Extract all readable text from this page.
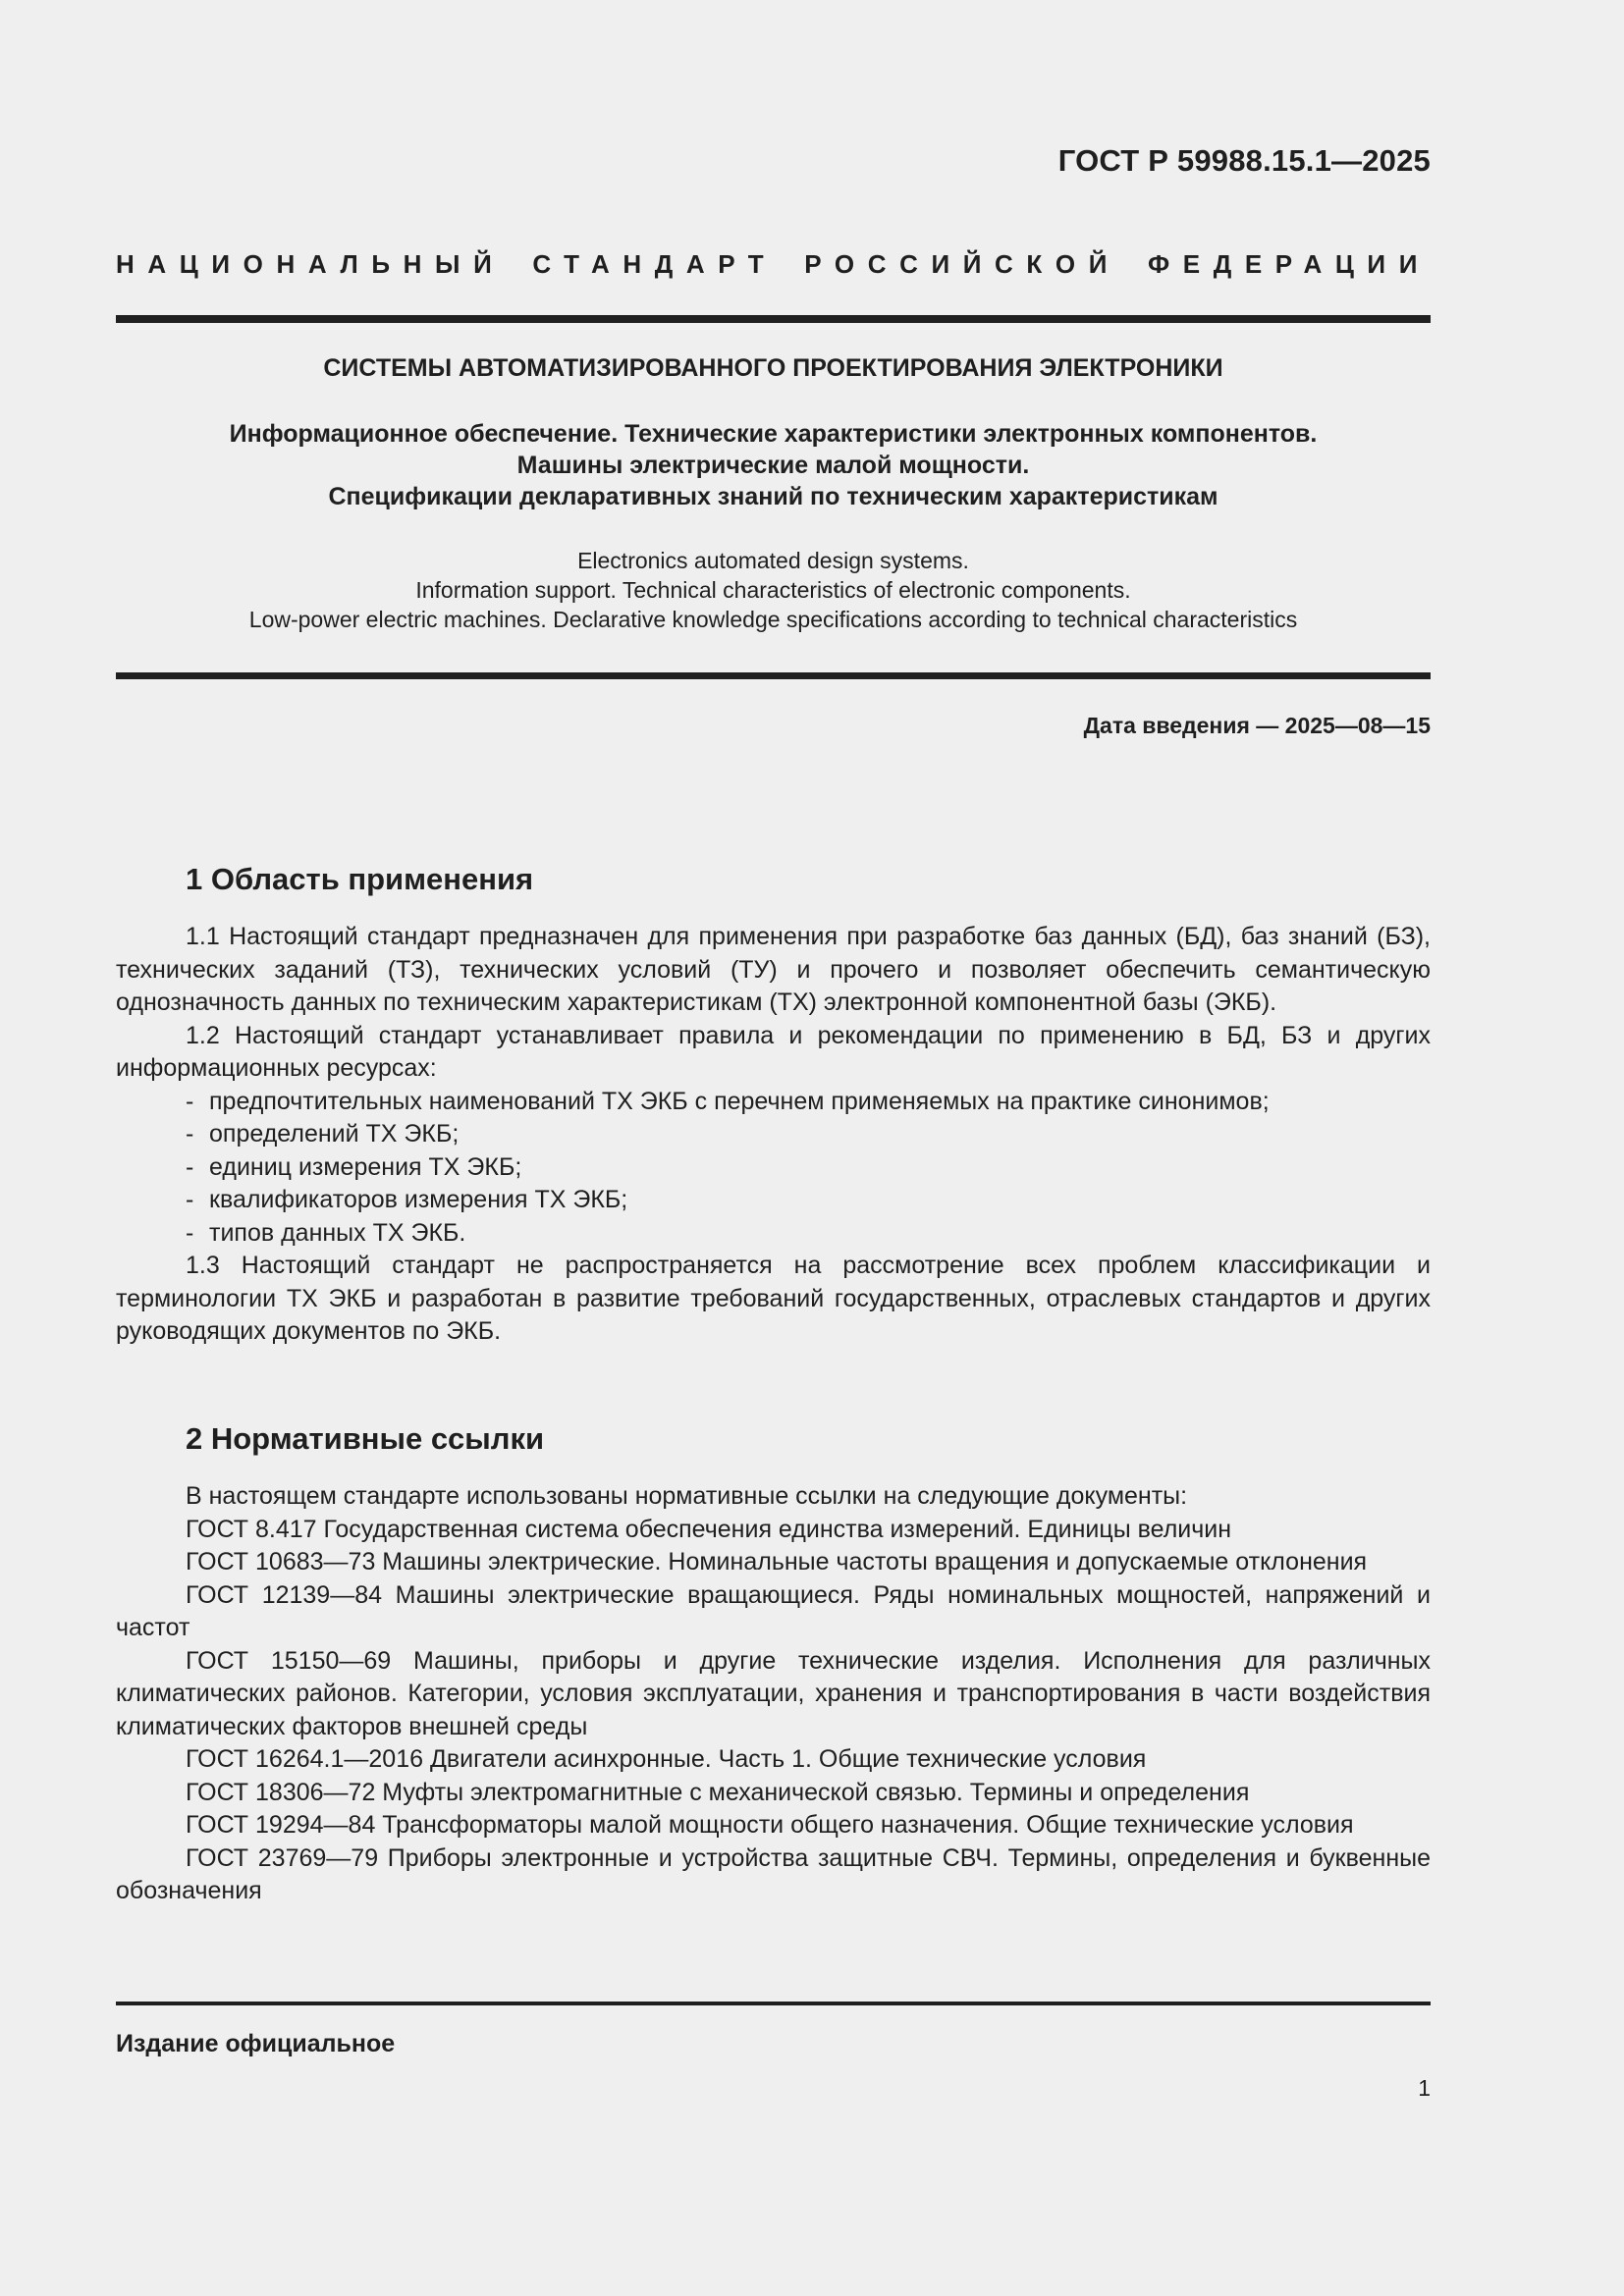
ГОСТ Р 59988.15.1—2025
НАЦИОНАЛЬНЫЙ СТАНДАРТ РОССИЙСКОЙ ФЕДЕРАЦИИ
СИСТЕМЫ АВТОМАТИЗИРОВАННОГО ПРОЕКТИРОВАНИЯ ЭЛЕКТРОНИКИ
Информационное обеспечение. Технические характеристики электронных компонентов.
Машины электрические малой мощности.
Спецификации декларативных знаний по техническим характеристикам
Electronics automated design systems.
Information support. Technical characteristics of electronic components.
Low-power electric machines. Declarative knowledge specifications according to technical characteristics
Дата введения — 2025—08—15
1 Область применения

1.1 Настоящий стандарт предназначен для применения при разработке баз данных (БД), баз знаний (БЗ), технических заданий (ТЗ), технических условий (ТУ) и прочего и позволяет обеспечить семантическую однозначность данных по техническим характеристикам (ТХ) электронной компонентной базы (ЭКБ).

1.2 Настоящий стандарт устанавливает правила и рекомендации по применению в БД, БЗ и других информационных ресурсах:

- предпочтительных наименований ТХ ЭКБ с перечнем применяемых на практике синонимов;
- определений ТХ ЭКБ;
- единиц измерения ТХ ЭКБ;
- квалификаторов измерения ТХ ЭКБ;
- типов данных ТХ ЭКБ.

1.3 Настоящий стандарт не распространяется на рассмотрение всех проблем классификации и терминологии ТХ ЭКБ и разработан в развитие требований государственных, отраслевых стандартов и других руководящих документов по ЭКБ.

2 Нормативные ссылки

В настоящем стандарте использованы нормативные ссылки на следующие документы:

ГОСТ 8.417 Государственная система обеспечения единства измерений. Единицы величин

ГОСТ 10683—73 Машины электрические. Номинальные частоты вращения и допускаемые отклонения

ГОСТ 12139—84 Машины электрические вращающиеся. Ряды номинальных мощностей, напряжений и частот

ГОСТ 15150—69 Машины, приборы и другие технические изделия. Исполнения для различных климатических районов. Категории, условия эксплуатации, хранения и транспортирования в части воздействия климатических факторов внешней среды

ГОСТ 16264.1—2016 Двигатели асинхронные. Часть 1. Общие технические условия

ГОСТ 18306—72 Муфты электромагнитные с механической связью. Термины и определения

ГОСТ 19294—84 Трансформаторы малой мощности общего назначения. Общие технические условия

ГОСТ 23769—79 Приборы электронные и устройства защитные СВЧ. Термины, определения и буквенные обозначения

Издание официальное
1
